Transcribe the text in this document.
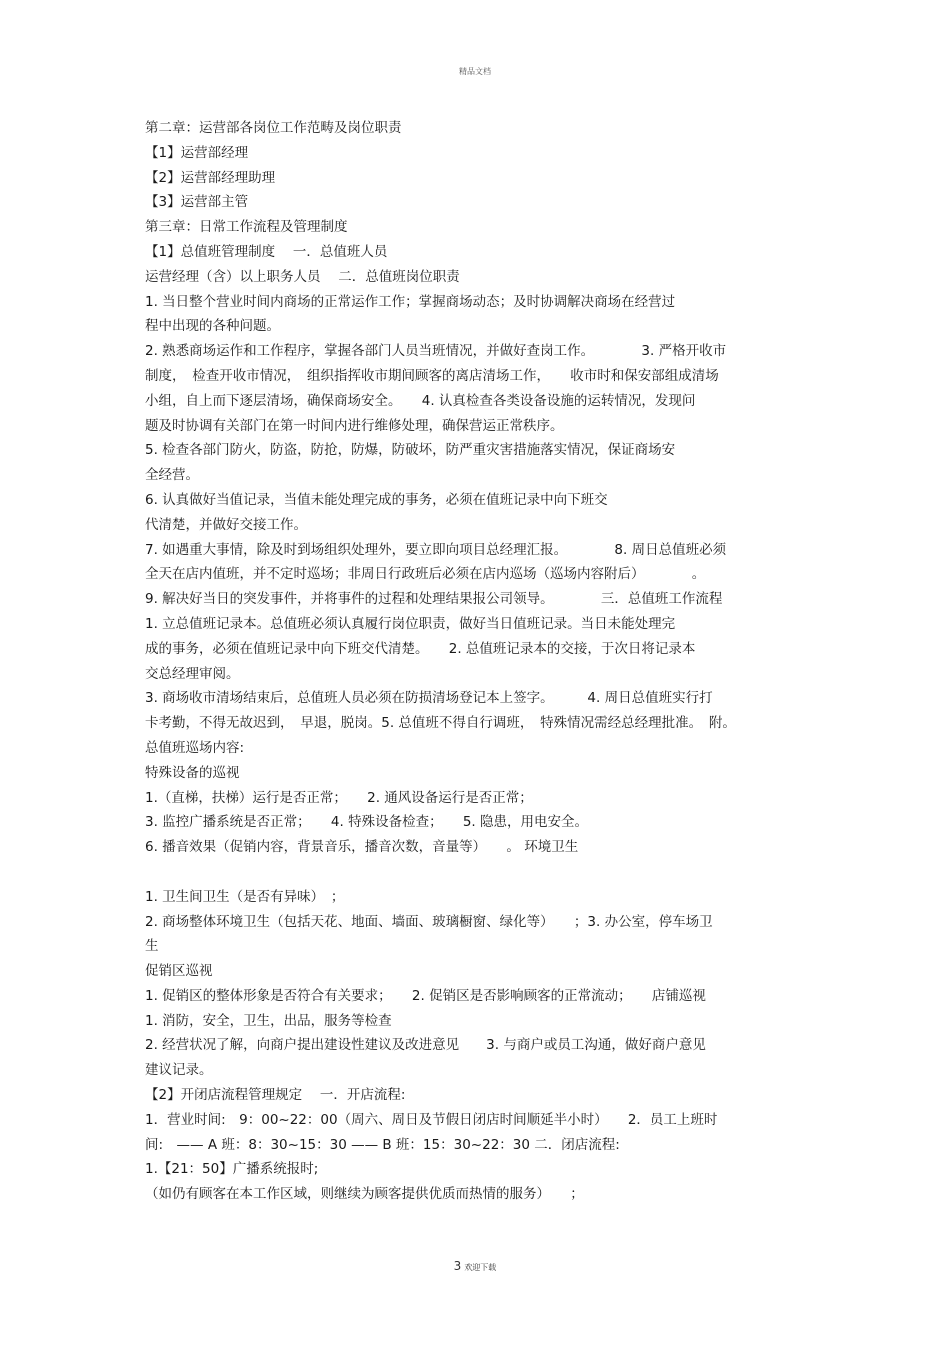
精品文档
第二章：运营部各岗位工作范畴及岗位职责
【1】运营部经理
【2】运营部经理助理
【3】运营部主管
第三章：日常工作流程及管理制度
【1】总值班管理制度　 一．总值班人员
运营经理（含）以上职务人员　 二．总值班岗位职责
1. 当日整个营业时间内商场的正常运作工作；掌握商场动态；及时协调解决商场在经营过
程中出现的各种问题。
2. 熟悉商场运作和工作程序，掌握各部门人员当班情况，并做好查岗工作。　　　　3. 严格开收市
制度，　检查开收市情况，　组织指挥收市期间顾客的离店清场工作，　　收市时和保安部组成清场
小组，自上而下逐层清场，确保商场安全。　　4. 认真检查各类设备设施的运转情况，发现问
题及时协调有关部门在第一时间内进行维修处理，确保营运正常秩序。
5. 检查各部门防火，防盗，防抢，防爆，防破坏，防严重灾害措施落实情况，保证商场安
全经营。
6. 认真做好当值记录，当值未能处理完成的事务，必须在值班记录中向下班交
代清楚，并做好交接工作。
7. 如遇重大事情，除及时到场组织处理外，要立即向项目总经理汇报。　　　　8. 周日总值班必须
全天在店内值班，并不定时巡场；非周日行政班后必须在店内巡场（巡场内容附后）　　　　。
9. 解决好当日的突发事件，并将事件的过程和处理结果报公司领导。　　　　三．总值班工作流程
1. 立总值班记录本。总值班必须认真履行岗位职责，做好当日值班记录。当日未能处理完
成的事务，必须在值班记录中向下班交代清楚。　　2. 总值班记录本的交接，于次日将记录本
交总经理审阅。
3. 商场收市清场结束后，总值班人员必须在防损清场登记本上签字。　　　4. 周日总值班实行打
卡考勤，不得无故迟到，　早退，脱岗。5. 总值班不得自行调班，　特殊情况需经总经理批准。　附。
总值班巡场内容:
特殊设备的巡视
1.（直梯，扶梯）运行是否正常；　　2. 通风设备运行是否正常；
3. 监控广播系统是否正常；　　4. 特殊设备检查；　　5. 隐患，用电安全。
6. 播音效果（促销内容，背景音乐，播音次数，音量等）　　。 环境卫生
1. 卫生间卫生（是否有异味）　；
2. 商场整体环境卫生（包括天花、地面、墙面、玻璃橱窗、绿化等）　　；3. 办公室，停车场卫
生
促销区巡视
1. 促销区的整体形象是否符合有关要求；　　2. 促销区是否影响顾客的正常流动；　　店铺巡视
1. 消防，安全，卫生，出品，服务等检查
2. 经营状况了解，向商户提出建设性建议及改进意见　　3. 与商户或员工沟通，做好商户意见
建议记录。
【2】开闭店流程管理规定　 一．开店流程:
1．营业时间:　9：00~22：00（周六、周日及节假日闭店时间顺延半小时）　　2．员工上班时
间:　—— A 班：8：30~15：30 —— B 班：15：30~22：30 二．闭店流程:
1.【21：50】广播系统报时;
（如仍有顾客在本工作区域，则继续为顾客提供优质而热情的服务）　　；
3 欢迎下载
